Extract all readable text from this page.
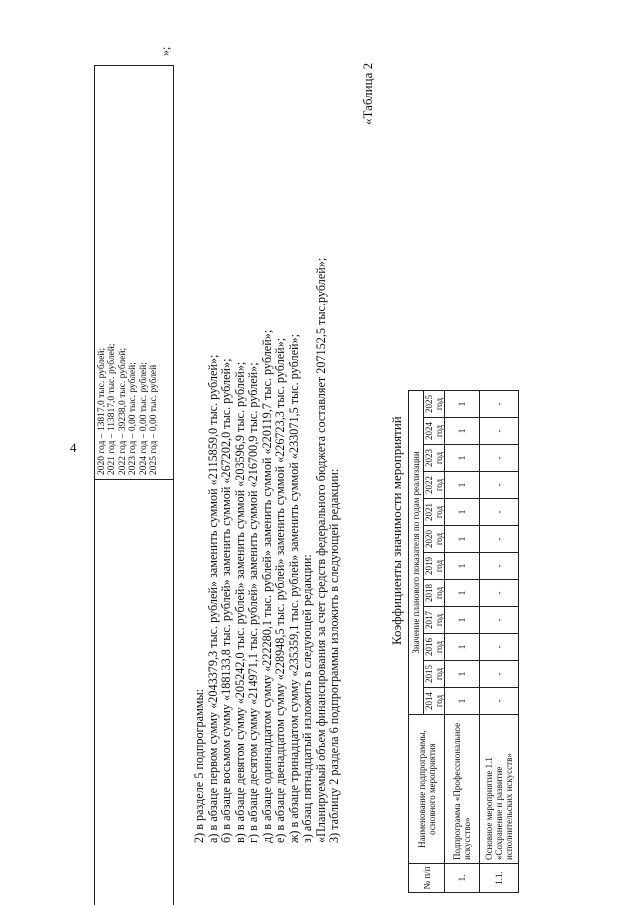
4 2020 год – 13817,0 тыс. рублей; 2021 год – 113817,0 тыс. рублей; 2022 год – 39238,0 тыс. рублей; 2023 год – 0,00 тыс. рублей; 2024 год – 0,00 тыс. рублей; 2025 год – 0,00 тыс. рублей
»;
2) в разделе 5 подпрограммы: а) в абзаце первом сумму «2043379,3 тыс. рублей» заменить суммой «2115859,0 тыс. рублей»; б) в абзаце восьмом сумму «188133,8 тыс. рублей» заменить суммой «267202,0 тыс. рублей»; в) в абзаце девятом сумму «205242,0 тыс. рублей» заменить суммой «203596,9 тыс. рублей»; г) в абзаце десятом сумму «214971,1 тыс. рублей» заменить суммой «216700,9 тыс. рублей»; д) в абзаце одиннадцатом сумму «222280,1 тыс. рублей» заменить суммой «220119,7 тыс. рублей»; е) в абзаце двенадцатом сумму «228948,5 тыс. рублей» заменить суммой «226723,3 тыс. рублей»; ж) в абзаце тринадцатом сумму «235359,1 тыс. рублей» заменить суммой «233071,5 тыс. рублей»; з) абзац пятнадцатый изложить в следующей редакции: «Планируемый объем финансирования за счет средств федерального бюджета составляет 207152,5 тыс.рублей»; 3) таблицу 2 раздела 6 подпрограммы изложить в следующей редакции:
«Таблица 2
Коэффициенты значимости мероприятий
№ п/п	Наименование подпрограммы, основного мероприятия	Значение планового показателя по годам реализации											
		2014 год	2015 год	2016 год	2017 год	2018 год	2019 год	2020 год	2021 год	2022 год	2023 год	2024 год	2025 год
1.	Подпрограмма «Профессиональное искусство»	1	1	1	1	1	1	1	1	1	1	1	1
1.1.	Основное мероприятие 1.1 «Сохранение и развитие исполнительских искусств»	-	-	-	-	-	-	-	-	-	-	-	-
